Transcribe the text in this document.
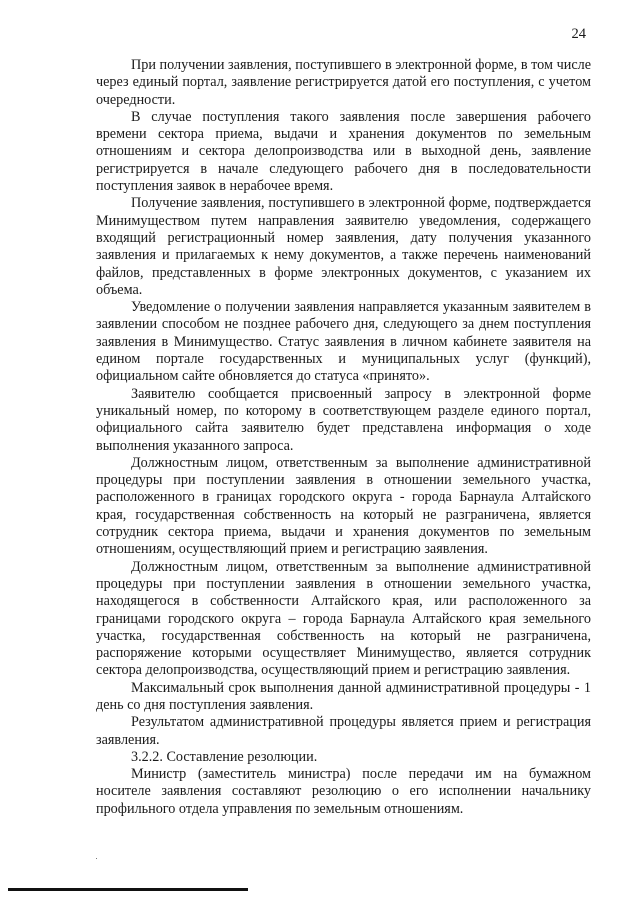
24

При получении заявления, поступившего в электронной форме, в том числе через единый портал, заявление регистрируется датой его поступления, с учетом очередности.

В случае поступления такого заявления после завершения рабочего времени сектора приема, выдачи и хранения документов по земельным отношениям и сектора делопроизводства или в выходной день, заявление регистрируется в начале следующего рабочего дня в последовательности поступления заявок в нерабочее время.

Получение заявления, поступившего в электронной форме, подтверждается Минимуществом путем направления заявителю уведомления, содержащего входящий регистрационный номер заявления, дату получения указанного заявления и прилагаемых к нему документов, а также перечень наименований файлов, представленных в форме электронных документов, с указанием их объема.

Уведомление о получении заявления направляется указанным заявителем в заявлении способом не позднее рабочего дня, следующего за днем поступления заявления в Минимущество. Статус заявления в личном кабинете заявителя на едином портале государственных и муниципальных услуг (функций), официальном сайте обновляется до статуса «принято».

Заявителю сообщается присвоенный запросу в электронной форме уникальный номер, по которому в соответствующем разделе единого портал, официального сайта заявителю будет представлена информация о ходе выполнения указанного запроса.

Должностным лицом, ответственным за выполнение административной процедуры при поступлении заявления в отношении земельного участка, расположенного в границах городского округа - города Барнаула Алтайского края, государственная собственность на который не разграничена, является сотрудник сектора приема, выдачи и хранения документов по земельным отношениям, осуществляющий прием и регистрацию заявления.

Должностным лицом, ответственным за выполнение административной процедуры при поступлении заявления в отношении земельного участка, находящегося в собственности Алтайского края, или расположенного за границами городского округа – города Барнаула Алтайского края земельного участка, государственная собственность на который не разграничена, распоряжение которыми осуществляет Минимущество, является сотрудник сектора делопроизводства, осуществляющий прием и регистрацию заявления.

Максимальный срок выполнения данной административной процедуры - 1 день со дня поступления заявления.

Результатом административной процедуры является прием и регистрация заявления.

3.2.2. Составление резолюции.

Министр (заместитель министра) после передачи им на бумажном носителе заявления составляют резолюцию о его исполнении начальнику профильного отдела управления по земельным отношениям.
